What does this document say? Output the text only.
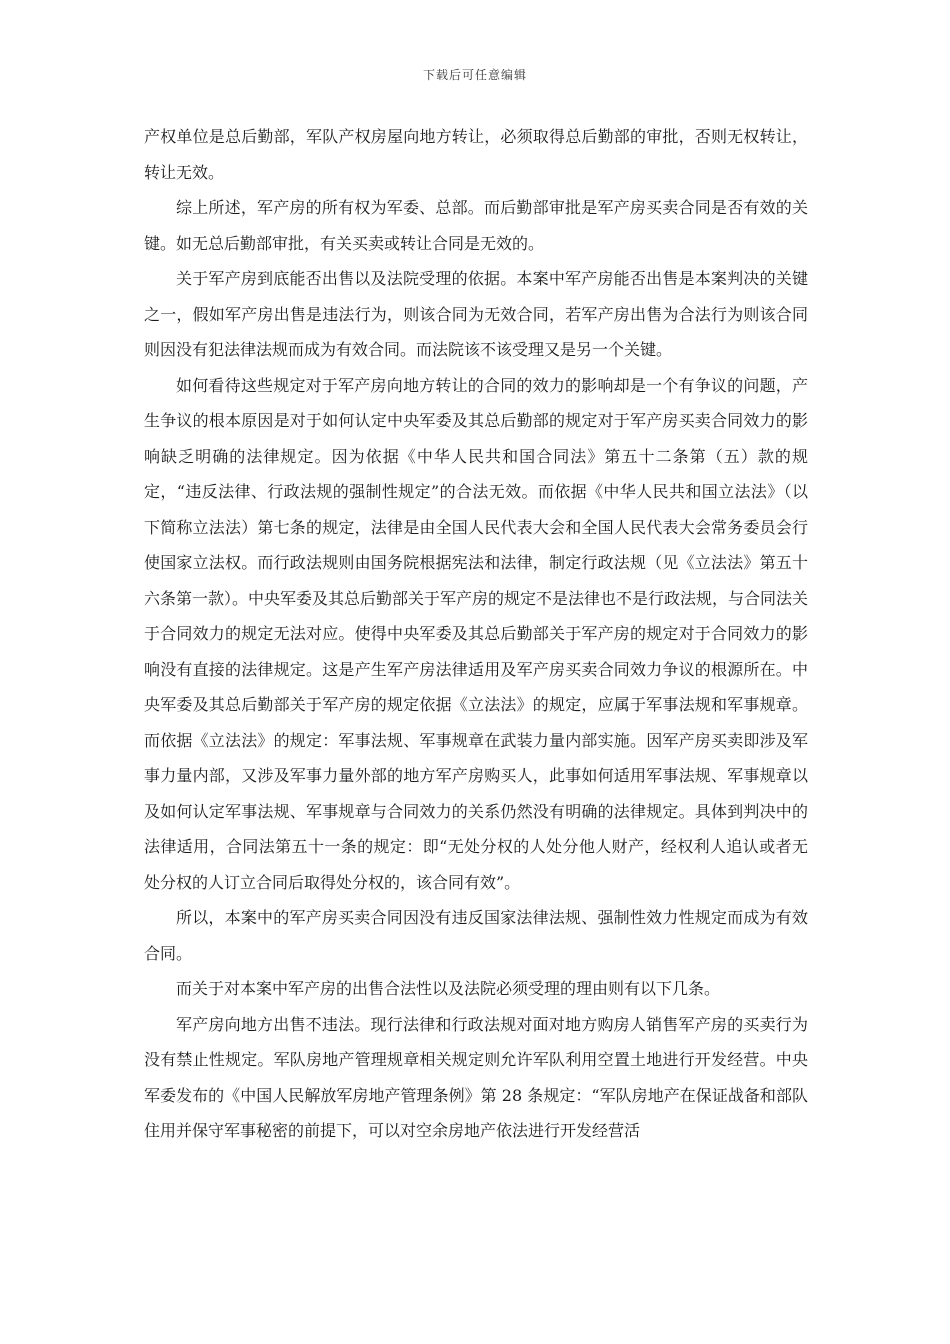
下载后可任意编辑

产权单位是总后勤部，军队产权房屋向地方转让，必须取得总后勤部的审批，否则无权转让，转让无效。

综上所述，军产房的所有权为军委、总部。而后勤部审批是军产房买卖合同是否有效的关键。如无总后勤部审批，有关买卖或转让合同是无效的。

关于军产房到底能否出售以及法院受理的依据。本案中军产房能否出售是本案判决的关键之一，假如军产房出售是违法行为，则该合同为无效合同，若军产房出售为合法行为则该合同则因没有犯法律法规而成为有效合同。而法院该不该受理又是另一个关键。

如何看待这些规定对于军产房向地方转让的合同的效力的影响却是一个有争议的问题，产生争议的根本原因是对于如何认定中央军委及其总后勤部的规定对于军产房买卖合同效力的影响缺乏明确的法律规定。因为依据《中华人民共和国合同法》第五十二条第（五）款的规定，“违反法律、行政法规的强制性规定”的合法无效。而依据《中华人民共和国立法法》（以下简称立法法）第七条的规定，法律是由全国人民代表大会和全国人民代表大会常务委员会行使国家立法权。而行政法规则由国务院根据宪法和法律，制定行政法规（见《立法法》第五十六条第一款）。中央军委及其总后勤部关于军产房的规定不是法律也不是行政法规，与合同法关于合同效力的规定无法对应。使得中央军委及其总后勤部关于军产房的规定对于合同效力的影响没有直接的法律规定。这是产生军产房法律适用及军产房买卖合同效力争议的根源所在。中央军委及其总后勤部关于军产房的规定依据《立法法》的规定，应属于军事法规和军事规章。而依据《立法法》的规定：军事法规、军事规章在武装力量内部实施。因军产房买卖即涉及军事力量内部，又涉及军事力量外部的地方军产房购买人，此事如何适用军事法规、军事规章以及如何认定军事法规、军事规章与合同效力的关系仍然没有明确的法律规定。具体到判决中的法律适用，合同法第五十一条的规定：即“无处分权的人处分他人财产，经权利人追认或者无处分权的人订立合同后取得处分权的，该合同有效”。

所以，本案中的军产房买卖合同因没有违反国家法律法规、强制性效力性规定而成为有效合同。

而关于对本案中军产房的出售合法性以及法院必须受理的理由则有以下几条。

军产房向地方出售不违法。现行法律和行政法规对面对地方购房人销售军产房的买卖行为没有禁止性规定。军队房地产管理规章相关规定则允许军队利用空置土地进行开发经营。中央军委发布的《中国人民解放军房地产管理条例》第 28 条规定：“军队房地产在保证战备和部队住用并保守军事秘密的前提下，可以对空余房地产依法进行开发经营活
